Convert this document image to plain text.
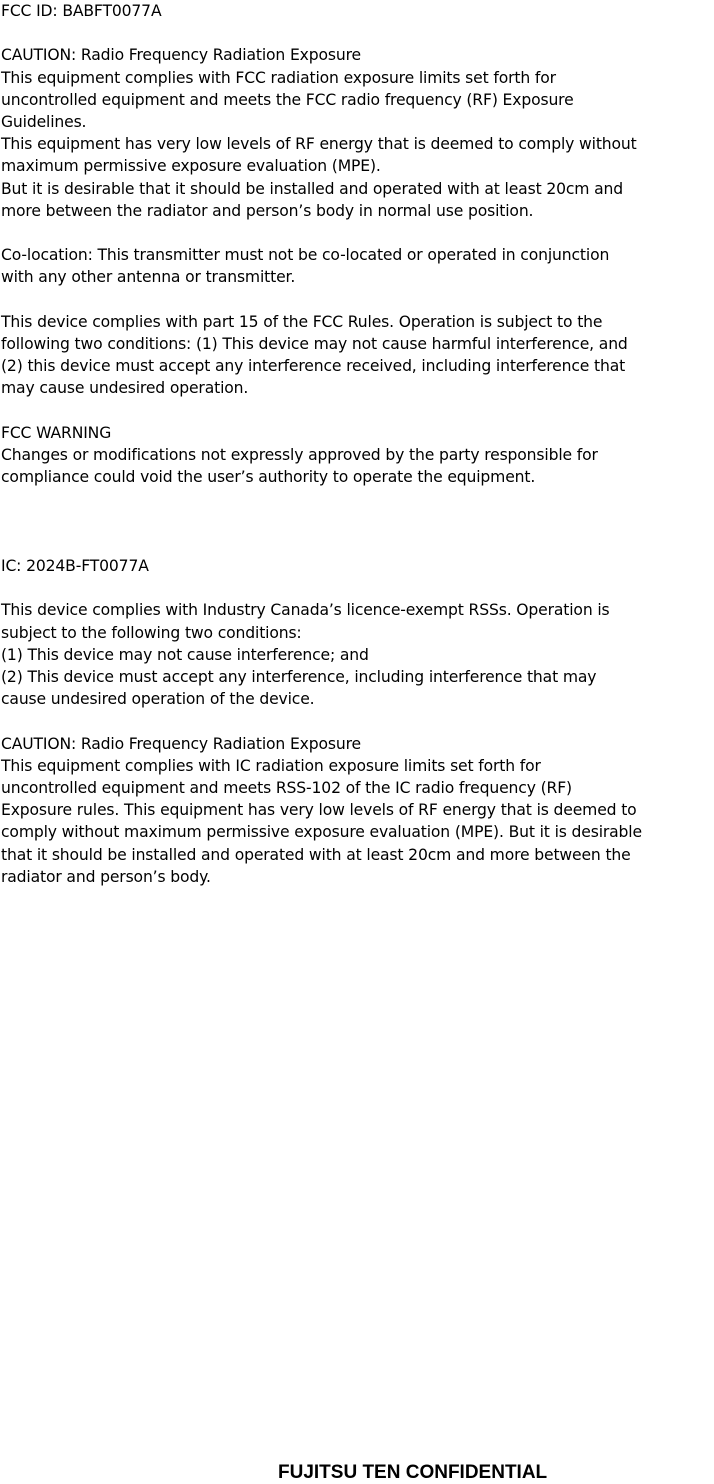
FCC ID: BABFT0077A
CAUTION: Radio Frequency Radiation Exposure
This equipment complies with FCC radiation exposure limits set forth for
uncontrolled equipment and meets the FCC radio frequency (RF) Exposure
Guidelines.
This equipment has very low levels of RF energy that is deemed to comply without
maximum permissive exposure evaluation (MPE).
But it is desirable that it should be installed and operated with at least 20cm and
more between the radiator and person’s body in normal use position.
Co-location: This transmitter must not be co-located or operated in conjunction
with any other antenna or transmitter.
This device complies with part 15 of the FCC Rules. Operation is subject to the
following two conditions: (1) This device may not cause harmful interference, and
(2) this device must accept any interference received, including interference that
may cause undesired operation.
FCC WARNING
Changes or modifications not expressly approved by the party responsible for
compliance could void the user’s authority to operate the equipment.
IC: 2024B-FT0077A
This device complies with Industry Canada’s licence-exempt RSSs. Operation is
subject to the following two conditions:
(1) This device may not cause interference; and
(2) This device must accept any interference, including interference that may
cause undesired operation of the device.
CAUTION: Radio Frequency Radiation Exposure
This equipment complies with IC radiation exposure limits set forth for
uncontrolled equipment and meets RSS-102 of the IC radio frequency (RF)
Exposure rules. This equipment has very low levels of RF energy that is deemed to
comply without maximum permissive exposure evaluation (MPE). But it is desirable
that it should be installed and operated with at least 20cm and more between the
radiator and person’s body.
FUJITSU TEN CONFIDENTIAL
